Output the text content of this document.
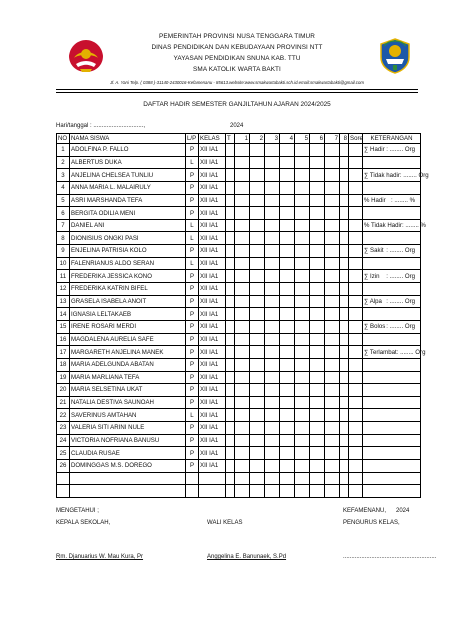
PEMERINTAH PROVINSI NUSA TENGGARA TIMUR
DINAS PENDIDIKAN DAN KEBUDAYAAN PROVINSI NTT
YAYASAN PENDIDIKAN SNUNA KAB. TTU
SMA KATOLIK WARTA BAKTI
Jl. A. Yani Telp. ( 0388 )-31140-2430016-Kefamenanu - 85613.website:www.smakwartabakti.sch.id.email:smakwartabakti@gmail.com
DAFTAR HADIR SEMESTER GANJILTAHUN AJARAN 2024/2025
Hari/tanggal : ..............................,	2024
NO	NAMA SISWA	L/P	KELAS	T	1	2	3	4	5	6	7	8	Sore	KETERANGAN
1	ADOLFINA P. FALLO	P	XII IA1											∑ Hadir : ........ Org

2	ALBERTUS DUKA	L	XII IA1											

3	ANJELINA CHELSEA TUNLIU	P	XII IA1											∑ Tidak hadir : ........ Org

4	ANNA MARIA L. MALAIRULY	P	XII IA1											

5	ASRI MARSHANDA TEFA	P	XII IA1											% Hadir : ........ %

6	BERGITA ODILIA MENI	P	XII IA1											

7	DANIEL ANI	L	XII IA1											% Tidak Hadir : ........ %

8	DIONISIUS ONGKI PASI	L	XII IA1											

9	ENJELINA PATRISIA KOLO	P	XII IA1											∑ Sakit : ........ Org

10	FALENRIANUS ALDO SERAN	L	XII IA1											

11	FREDERIKA JESSICA KONO	P	XII IA1											∑ Izin : ........ Org

12	FREDERIKA KATRIN BIFEL	P	XII IA1											

13	GRASELA ISABELA ANOIT	P	XII IA1											∑ Alpa : ........ Org

14	IGNASIA LELTAKAEB	P	XII IA1											

15	IRENE ROSARI MERDI	P	XII IA1											∑ Bolos : ........ Org

16	MAGDALENA AURELIA SAFE	P	XII IA1											

17	MARGARETH ANJELINA MANEK	P	XII IA1											∑ Terlambat : ........ Org

18	MARIA ADELGUNDA ABATAN	P	XII IA1											

19	MARIA MARLIANA TEFA	P	XII IA1											

20	MARIA SELSETINA UKAT	P	XII IA1											

21	NATALIA DESTIVA SAUNOAH	P	XII IA1											

22	SAVERINUS AMTAHAN	L	XII IA1											

23	VALERIA SITI ARINI NULE	P	XII IA1											

24	VICTORIA NOFRIANA BANUSU	P	XII IA1											

25	CLAUDIA RUSAE	P	XII IA1											

26	DOMINGGAS M.S. DOREGO	P	XII IA1											

MENGETAHUI ;
KEPALA SEKOLAH,
Rm. Djanuarius W. Mau Kura, Pr
WALI KELAS
Anggelina E. Banunaek, S.Pd
KEFAMENANU, 2024
PENGURUS KELAS,
........................................................
